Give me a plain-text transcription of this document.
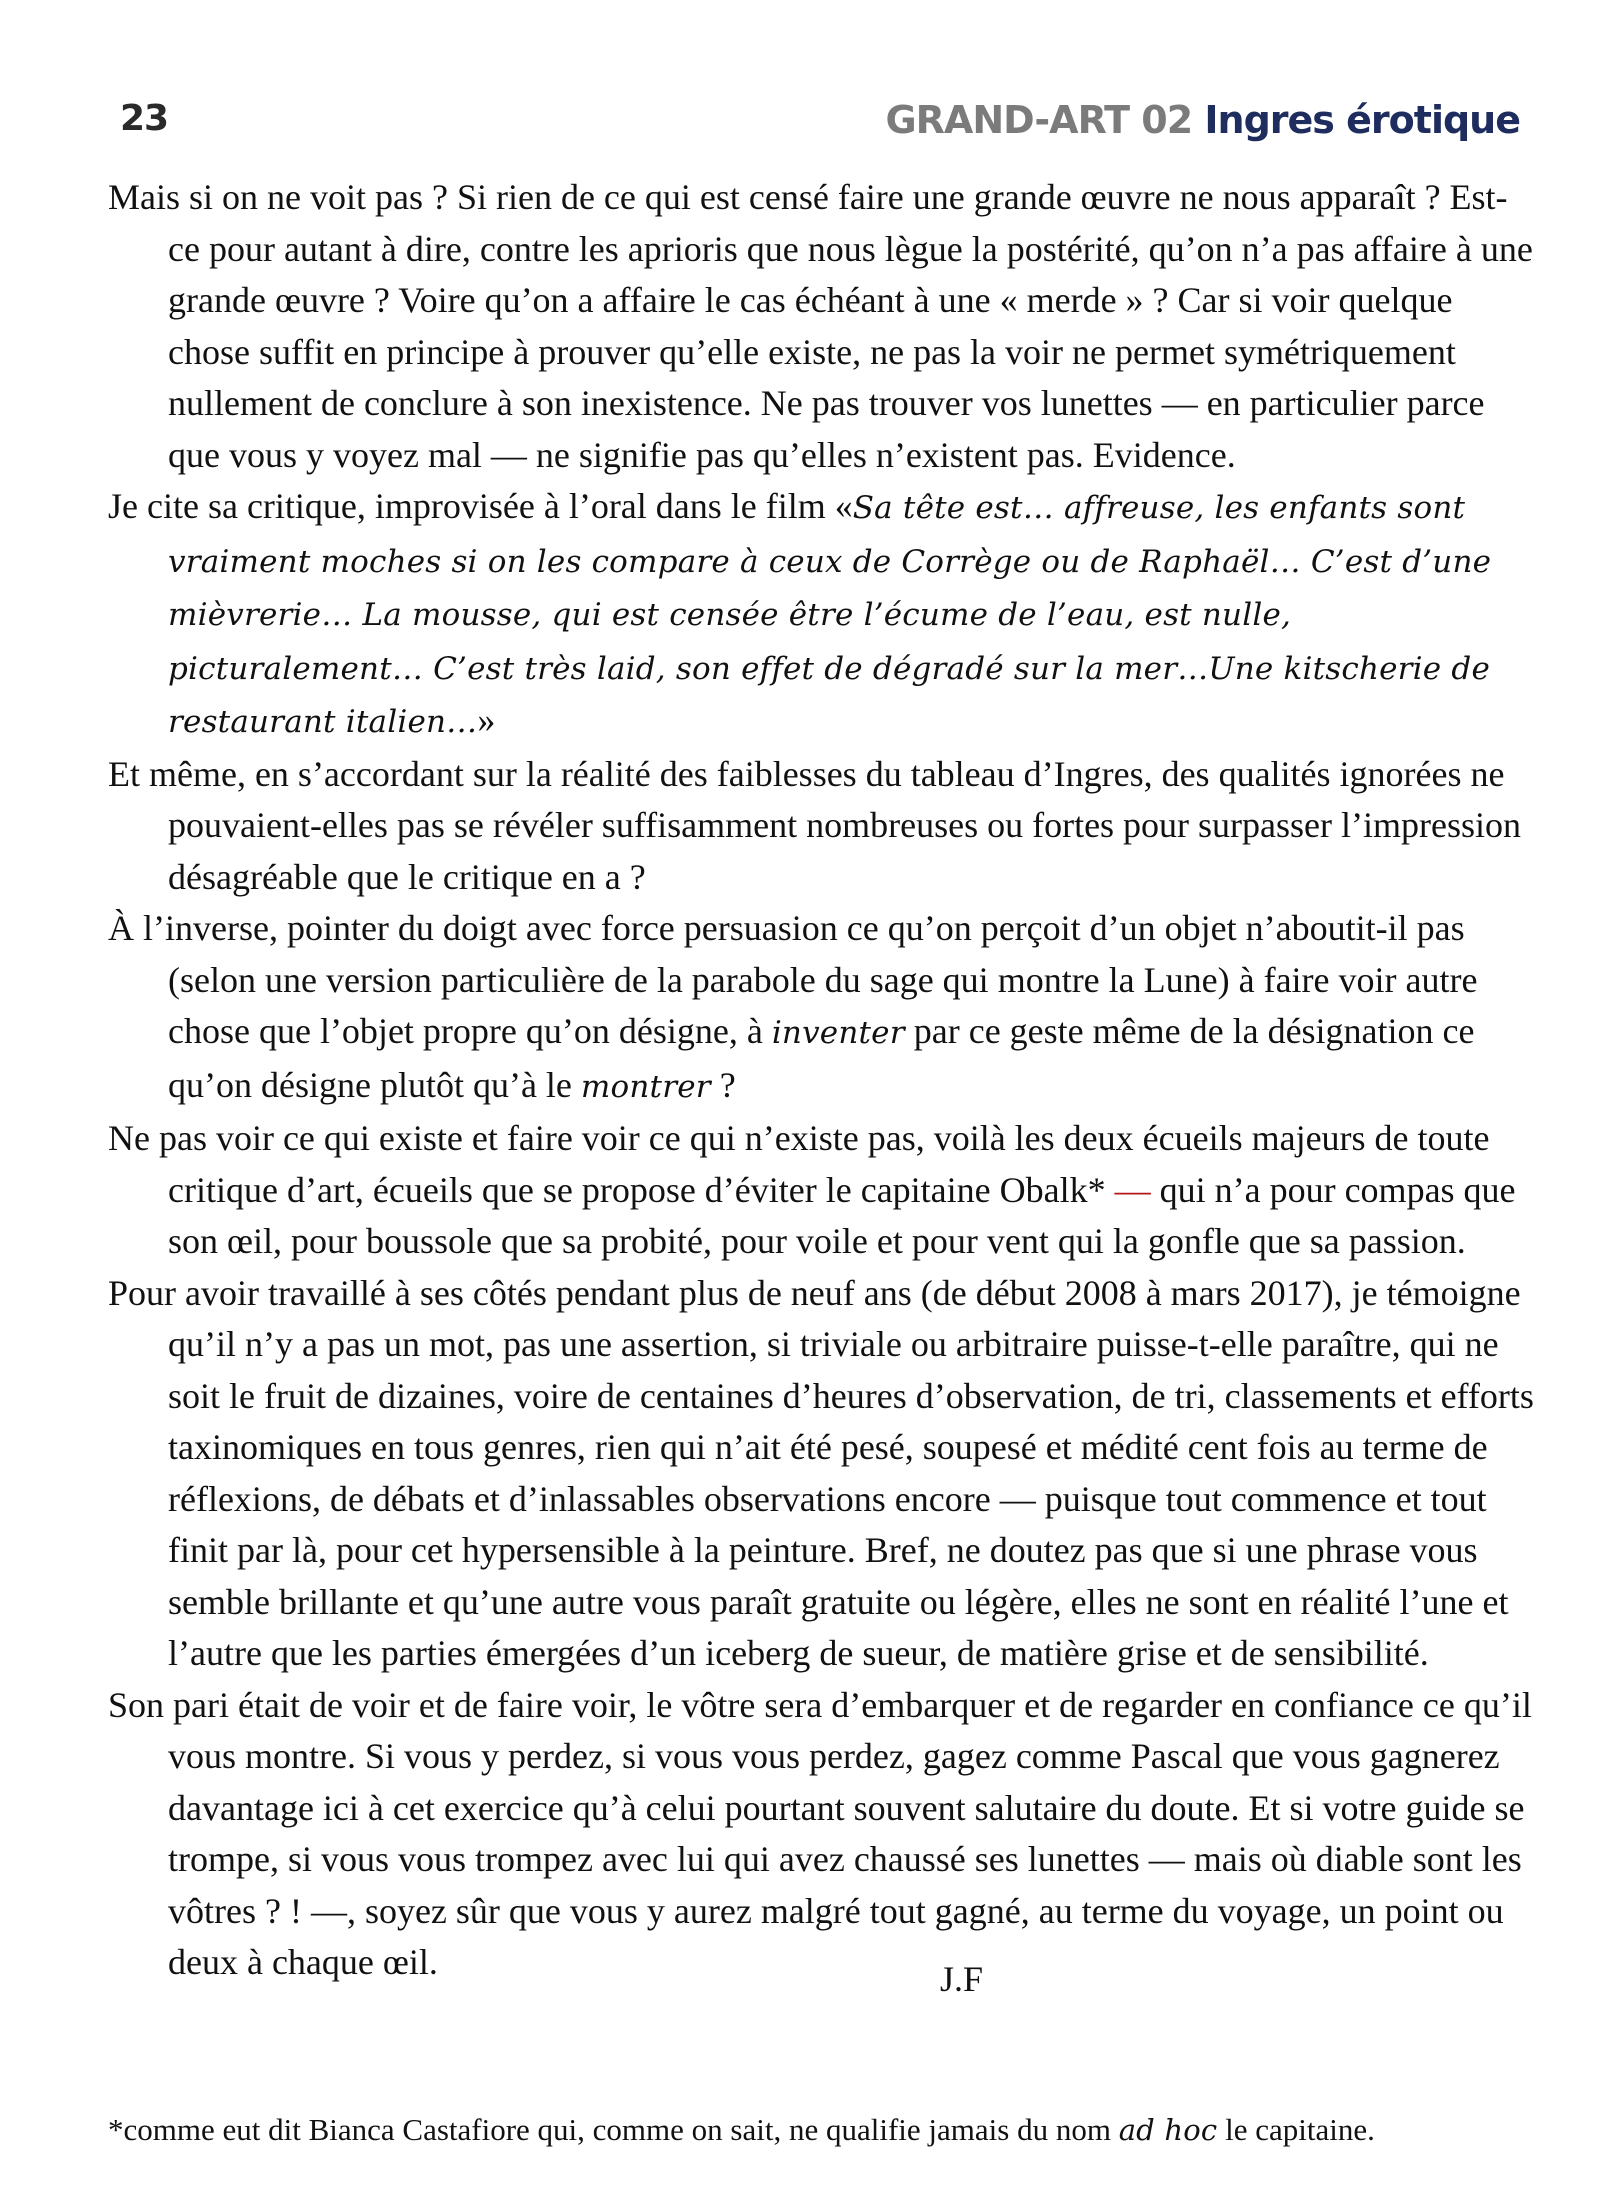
23	GRAND-ART 02 Ingres érotique

Mais si on ne voit pas ? Si rien de ce qui est censé faire une grande œuvre ne nous apparaît ? Est-ce pour autant à dire, contre les aprioris que nous lègue la postérité, qu’on n’a pas affaire à une grande œuvre ? Voire qu’on a affaire le cas échéant à une « merde » ? Car si voir quelque chose suffit en principe à prouver qu’elle existe, ne pas la voir ne permet symétriquement nullement de conclure à son inexistence. Ne pas trouver vos lunettes — en particulier parce que vous y voyez mal — ne signifie pas qu’elles n’existent pas. Evidence.

Je cite sa critique, improvisée à l’oral dans le film «Sa tête est… affreuse, les enfants sont vraiment moches si on les compare à ceux de Corrège ou de Raphaël… C’est d’une mièvrerie… La mousse, qui est censée être l’écume de l’eau, est nulle, picturalement… C’est très laid, son effet de dégradé sur la mer…Une kitscherie de restaurant italien…»

Et même, en s’accordant sur la réalité des faiblesses du tableau d’Ingres, des qualités ignorées ne pouvaient-elles pas se révéler suffisamment nombreuses ou fortes pour surpasser l’impression désagréable que le critique en a ?

À l’inverse, pointer du doigt avec force persuasion ce qu’on perçoit d’un objet n’aboutit-il pas (selon une version particulière de la parabole du sage qui montre la Lune) à faire voir autre chose que l’objet propre qu’on désigne, à inventer par ce geste même de la désignation ce qu’on désigne plutôt qu’à le montrer ?

Ne pas voir ce qui existe et faire voir ce qui n’existe pas, voilà les deux écueils majeurs de toute critique d’art, écueils que se propose d’éviter le capitaine Obalk* — qui n’a pour compas que son œil, pour boussole que sa probité, pour voile et pour vent qui la gonfle que sa passion.

Pour avoir travaillé à ses côtés pendant plus de neuf ans (de début 2008 à mars 2017), je témoigne qu’il n’y a pas un mot, pas une assertion, si triviale ou arbitraire puisse-t-elle paraître, qui ne soit le fruit de dizaines, voire de centaines d’heures d’observation, de tri, classements et efforts taxinomiques en tous genres, rien qui n’ait été pesé, soupesé et médité cent fois au terme de réflexions, de débats et d’inlassables observations encore — puisque tout commence et tout finit par là, pour cet hypersensible à la peinture. Bref, ne doutez pas que si une phrase vous semble brillante et qu’une autre vous paraît gratuite ou légère, elles ne sont en réalité l’une et l’autre que les parties émergées d’un iceberg de sueur, de matière grise et de sensibilité.

Son pari était de voir et de faire voir, le vôtre sera d’embarquer et de regarder en confiance ce qu’il vous montre. Si vous y perdez, si vous vous perdez, gagez comme Pascal que vous gagnerez davantage ici à cet exercice qu’à celui pourtant souvent salutaire du doute. Et si votre guide se trompe, si vous vous trompez avec lui qui avez chaussé ses lunettes — mais où diable sont les vôtres ? ! —, soyez sûr que vous y aurez malgré tout gagné, au terme du voyage, un point ou deux à chaque œil.	J.F
*comme eut dit Bianca Castafiore qui, comme on sait, ne qualifie jamais du nom ad hoc le capitaine.
